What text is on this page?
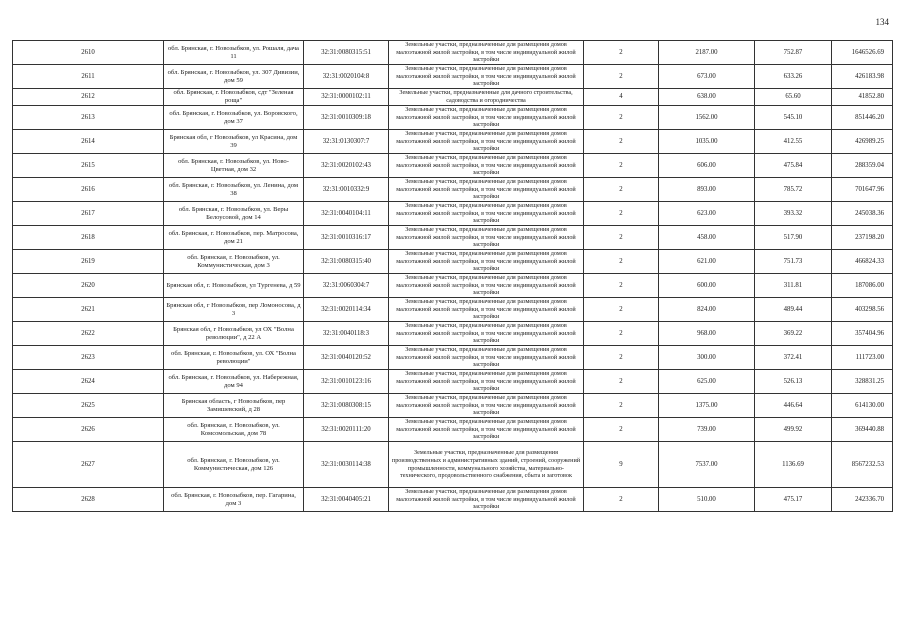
134
2610	обл. Брянская, г. Новозыбков, ул. Рошаля, дача 11	32:31:0080315:51	Земельные участки, предназначенные для размещения домов малоэтажной жилой застройки, в том числе индивидуальной жилой застройки	2	2187.00	752.87	1646526.69
2611	обл. Брянская, г. Новозыбков, ул. 307 Дивизии, дом 59	32:31:0020104:8	Земельные участки, предназначенные для размещения домов малоэтажной жилой застройки, в том числе индивидуальной жилой застройки	2	673.00	633.26	426183.98
2612	обл. Брянская, г. Новозыбков, сдт "Зеленая роща"	32:31:0000102:11	Земельные участки, предназначенные для дачного строительства, садоводства и огородничества	4	638.00	65.60	41852.80
2613	обл. Брянская, г. Новозыбков, ул. Воровского, дом 37	32:31:0010309:18	Земельные участки, предназначенные для размещения домов малоэтажной жилой застройки, в том числе индивидуальной жилой застройки	2	1562.00	545.10	851446.20
2614	Брянская обл, г Новозыбков, ул Красина, дом 39	32:31:0130307:7	Земельные участки, предназначенные для размещения домов малоэтажной жилой застройки, в том числе индивидуальной жилой застройки	2	1035.00	412.55	426989.25
2615	обл. Брянская, г. Новозыбков, ул. Ново-Цветная, дом 32	32:31:0020102:43	Земельные участки, предназначенные для размещения домов малоэтажной жилой застройки, в том числе индивидуальной жилой застройки	2	606.00	475.84	288359.04
2616	обл. Брянская, г. Новозыбков, ул. Ленина, дом 38	32:31:0010332:9	Земельные участки, предназначенные для размещения домов малоэтажной жилой застройки, в том числе индивидуальной жилой застройки	2	893.00	785.72	701647.96
2617	обл. Брянская, г. Новозыбков, ул. Веры Белоусовой, дом 14	32:31:0040104:11	Земельные участки, предназначенные для размещения домов малоэтажной жилой застройки, в том числе индивидуальной жилой застройки	2	623.00	393.32	245038.36
2618	обл. Брянская, г. Новозыбков, пер. Матросова, дом 21	32:31:0010316:17	Земельные участки, предназначенные для размещения домов малоэтажной жилой застройки, в том числе индивидуальной жилой застройки	2	458.00	517.90	237198.20
2619	обл. Брянская, г. Новозыбков, ул. Коммунистическая, дом 3	32:31:0080315:40	Земельные участки, предназначенные для размещения домов малоэтажной жилой застройки, в том числе индивидуальной жилой застройки	2	621.00	751.73	466824.33
2620	Брянская обл, г. Новозыбков, ул Тургенева, д 59	32:31:0060304:7	Земельные участки, предназначенные для размещения домов малоэтажной жилой застройки, в том числе индивидуальной жилой застройки	2	600.00	311.81	187086.00
2621	Брянская обл, г Новозыбков, пер Ломоносова, д 3	32:31:0020114:34	Земельные участки, предназначенные для размещения домов малоэтажной жилой застройки, в том числе индивидуальной жилой застройки	2	824.00	489.44	403298.56
2622	Брянская обл, г Новозыбков, ул ОХ "Волна революции", д 22 А	32:31:0040118:3	Земельные участки, предназначенные для размещения домов малоэтажной жилой застройки, в том числе индивидуальной жилой застройки	2	968.00	369.22	357404.96
2623	обл. Брянская, г. Новозыбков, ул. ОХ "Волна революции"	32:31:0040120:52	Земельные участки, предназначенные для размещения домов малоэтажной жилой застройки, в том числе индивидуальной жилой застройки	2	300.00	372.41	111723.00
2624	обл. Брянская, г. Новозыбков, ул. Набережная, дом 94	32:31:0010123:16	Земельные участки, предназначенные для размещения домов малоэтажной жилой застройки, в том числе индивидуальной жилой застройки	2	625.00	526.13	328831.25
2625	Брянская область, г Новозыбков, пер Замишевский, д 28	32:31:0080308:15	Земельные участки, предназначенные для размещения домов малоэтажной жилой застройки, в том числе индивидуальной жилой застройки	2	1375.00	446.64	614130.00
2626	обл. Брянская, г. Новозыбков, ул. Комсомольская, дом 78	32:31:0020111:20	Земельные участки, предназначенные для размещения домов малоэтажной жилой застройки, в том числе индивидуальной жилой застройки	2	739.00	499.92	369440.88
2627	обл. Брянская, г. Новозыбков, ул. Коммунистическая, дом 126	32:31:0030114:38	Земельные участки, предназначенные для размещения производственных и административных зданий, строений, сооружений промышленности, коммунального хозяйства, материально-технического, продовольственного снабжения, сбыта и заготовок	9	7537.00	1136.69	8567232.53
2628	обл. Брянская, г. Новозыбков, пер. Гагарина, дом 3	32:31:0040405:21	Земельные участки, предназначенные для размещения домов малоэтажной жилой застройки, в том числе индивидуальной жилой застройки	2	510.00	475.17	242336.70
